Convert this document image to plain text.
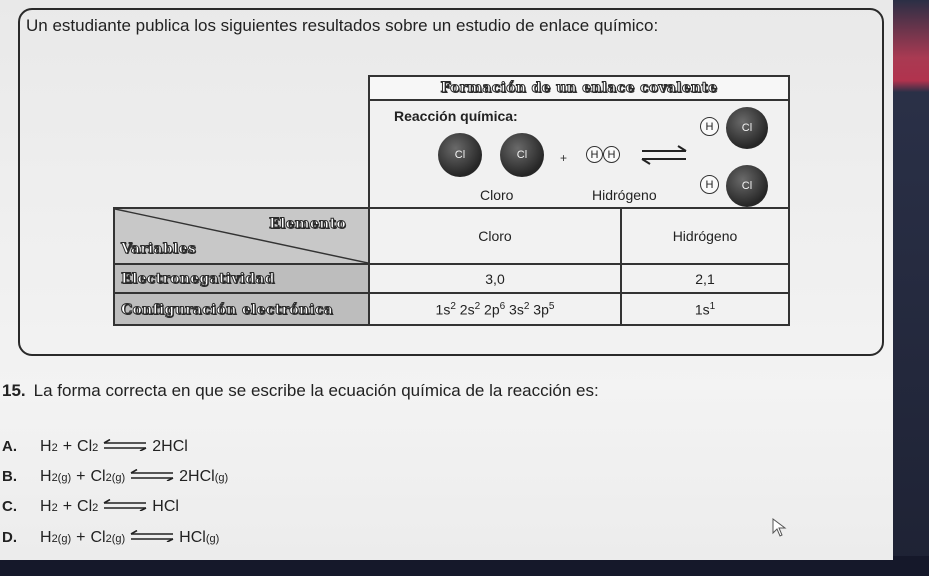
Un estudiante publica los siguientes resultados sobre un estudio de enlace químico:
Formación de un enlace covalente
Reacción química:
Cl	Cl	+ H H ⇌
H	Cl
H	Cl
Cloro	Hidrógeno
Elemento
Variables	Cloro	Hidrógeno
Electronegatividad	3,0	2,1
Configuración electrónica	$1s^2$ $2s^2$ $2p^6$ $3s^2$ $3p^5$	$1s^1$
15. La forma correcta en que se escribe la ecuación química de la reacción es:
A.	H 2 + Cl 2 ⇌ 2HCl
B.	H 2(g) + Cl 2(g) ⇌ 2HCl (g)
C.	H 2 + Cl 2 ⇌ HCl
D.	H 2(g) + Cl 2(g) ⇌ HCl (g)
